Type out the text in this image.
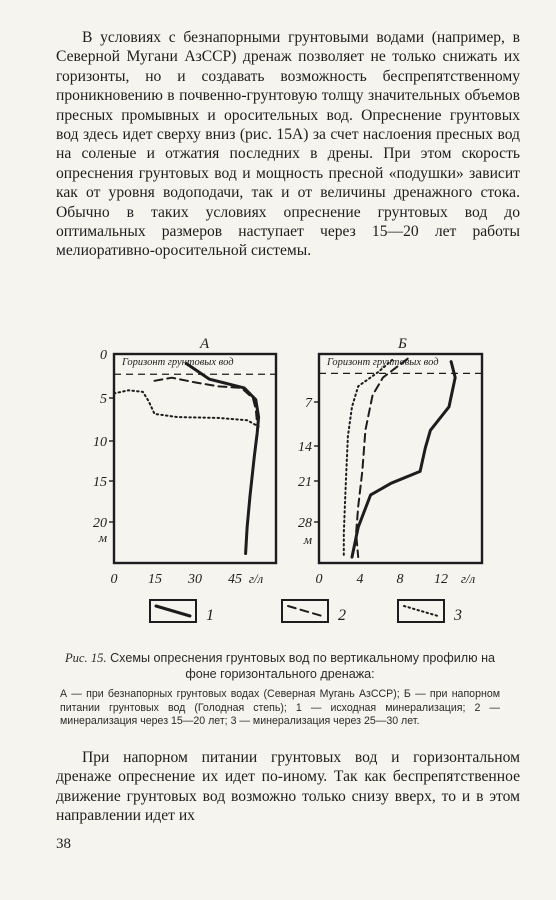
В условиях с безнапорными грунтовыми водами (например, в Северной Мугани АзССР) дренаж позволяет не только снижать их горизонты, но и создавать возможность беспрепятственному проникновению в почвенно-грунтовую толщу значительных объемов пресных промывных и оросительных вод. Опреснение грунтовых вод здесь идет сверху вниз (рис. 15А) за счет наслоения пресных вод на соленые и отжатия последних в дрены. При этом скорость опреснения грунтовых вод и мощность пресной «подушки» зависит как от уровня водоподачи, так и от величины дренажного стока. Обычно в таких условиях опреснение грунтовых вод до оптимальных размеров наступает через 15—20 лет работы мелиоративно-оросительной системы.

А
Горизонт грунтовых вод
0
5
10
15
20
м
0 15 30 45 г/л
Б
Горизонт грунтовых вод
7
14
21
28
м
0 4 8 12 г/л
1	2	3

Рис. 15. Схемы опреснения грунтовых вод по вертикальному профилю на фоне горизонтального дренажа:

А — при безнапорных грунтовых водах (Северная Мугань АзССР); Б — при напорном питании грунтовых вод (Голодная степь); 1 — исходная минерализация; 2 — минерализация через 15—20 лет; 3 — минерализация через 25—30 лет.

При напорном питании грунтовых вод и горизонтальном дренаже опреснение их идет по-иному. Так как беспрепятственное движение грунтовых вод возможно только снизу вверх, то и в этом направлении идет их

38
